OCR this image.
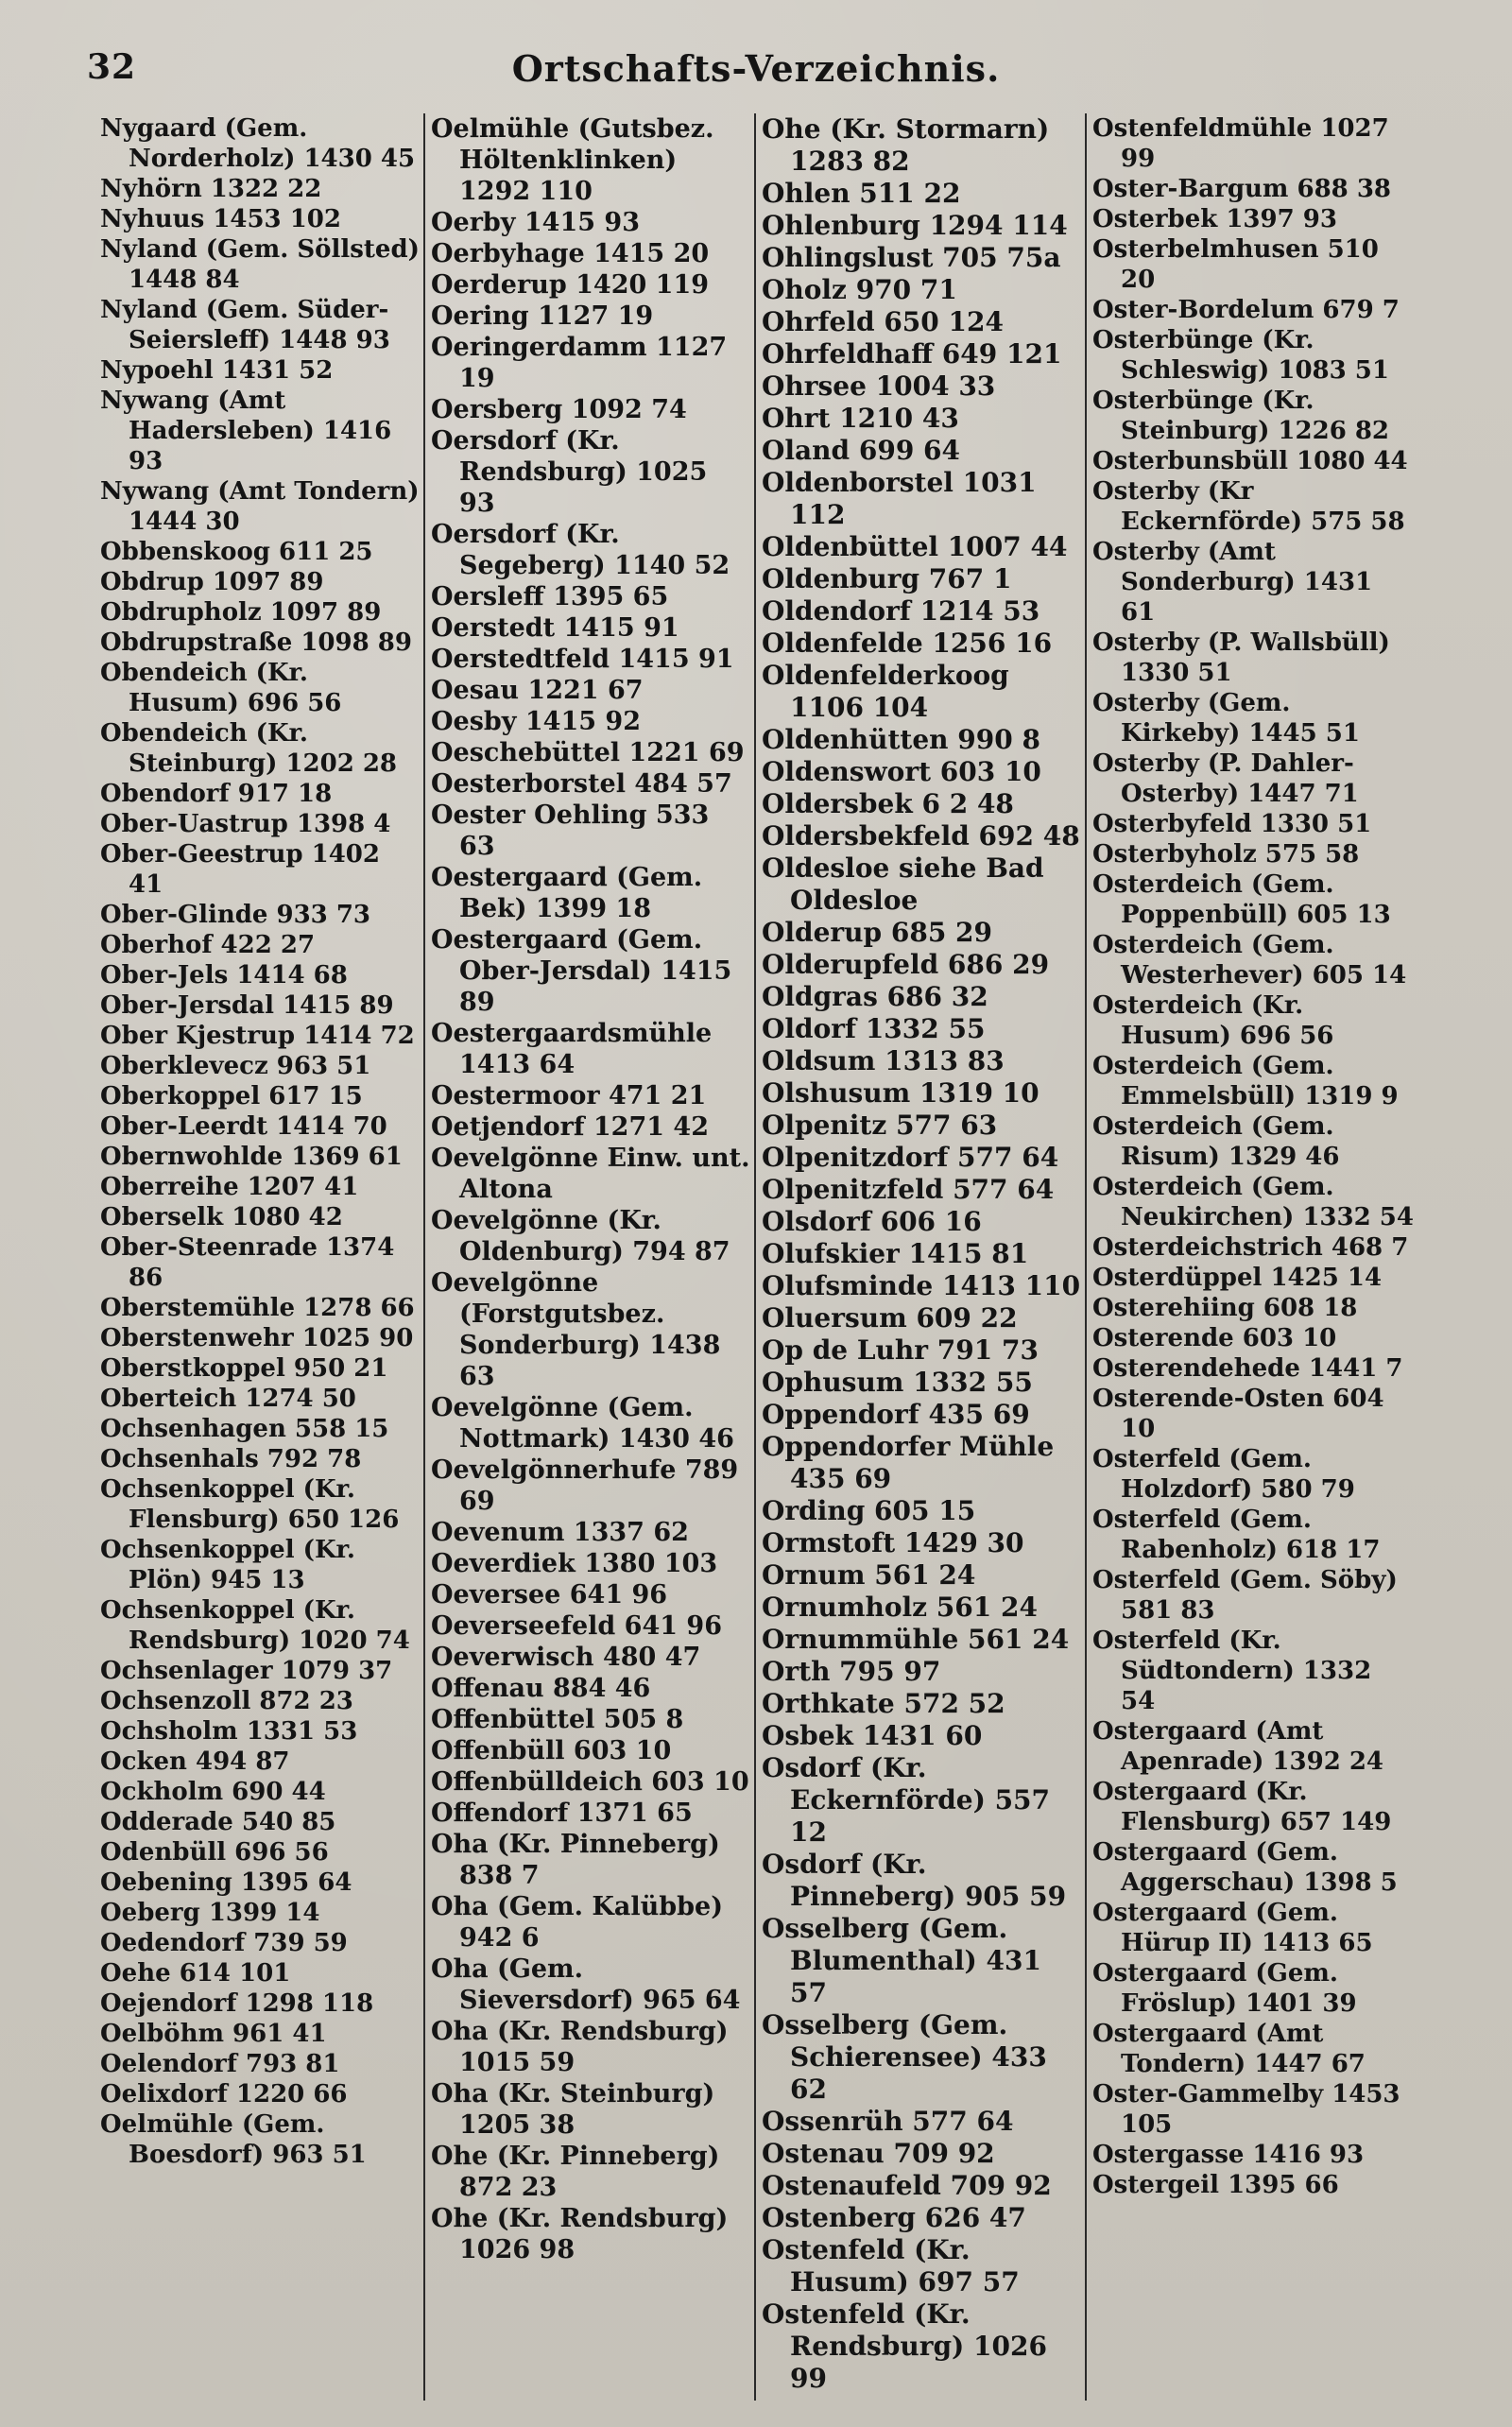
32	Ortschafts-Verzeichnis.
Nygaard (Gem. Norderholz) 1430 45
Nyhörn 1322 22
Nyhuus 1453 102
Nyland (Gem. Söllsted) 1448 84
Nyland (Gem. Süder-Seiersleff) 1448 93
Nypoehl 1431 52
Nywang (Amt Hadersleben) 1416 93
Nywang (Amt Tondern) 1444 30
Obbenskoog 611 25
Obdrup 1097 89
Obdrupholz 1097 89
Obdrupstraße 1098 89
Obendeich (Kr. Husum) 696 56
Obendeich (Kr. Steinburg) 1202 28
Obendorf 917 18
Ober-Uastrup 1398 4
Ober-Geestrup 1402 41
Ober-Glinde 933 73
Oberhof 422 27
Ober-Jels 1414 68
Ober-Jersdal 1415 89
Ober Kjestrup 1414 72
Oberklevecz 963 51
Oberkoppel 617 15
Ober-Leerdt 1414 70
Obernwohlde 1369 61
Oberreihe 1207 41
Oberselk 1080 42
Ober-Steenrade 1374 86
Oberstemühle 1278 66
Oberstenwehr 1025 90
Oberstkoppel 950 21
Oberteich 1274 50
Ochsenhagen 558 15
Ochsenhals 792 78
Ochsenkoppel (Kr. Flensburg) 650 126
Ochsenkoppel (Kr. Plön) 945 13
Ochsenkoppel (Kr. Rendsburg) 1020 74
Ochsenlager 1079 37
Ochsenzoll 872 23
Ochsholm 1331 53
Ocken 494 87
Ockholm 690 44
Odderade 540 85
Odenbüll 696 56
Oebening 1395 64
Oeberg 1399 14
Oedendorf 739 59
Oehe 614 101
Oejendorf 1298 118
Oelböhm 961 41
Oelendorf 793 81
Oelixdorf 1220 66
Oelmühle (Gem. Boesdorf) 963 51
Oelmühle (Gutsbez. Höltenklinken) 1292 110
Oerby 1415 93
Oerbyhage 1415 20
Oerderup 1420 119
Oering 1127 19
Oeringerdamm 1127 19
Oersberg 1092 74
Oersdorf (Kr. Rendsburg) 1025 93
Oersdorf (Kr. Segeberg) 1140 52
Oersleff 1395 65
Oerstedt 1415 91
Oerstedtfeld 1415 91
Oesau 1221 67
Oesby 1415 92
Oeschebüttel 1221 69
Oesterborstel 484 57
Oester Oehling 533 63
Oestergaard (Gem. Bek) 1399 18
Oestergaard (Gem. Ober-Jersdal) 1415 89
Oestergaardsmühle 1413 64
Oestermoor 471 21
Oetjendorf 1271 42
Oevelgönne Einw. unt. Altona
Oevelgönne (Kr. Oldenburg) 794 87
Oevelgönne (Forstgutsbez. Sonderburg) 1438 63
Oevelgönne (Gem. Nottmark) 1430 46
Oevelgönnerhufe 789 69
Oevenum 1337 62
Oeverdiek 1380 103
Oeversee 641 96
Oeverseefeld 641 96
Oeverwisch 480 47
Offenau 884 46
Offenbüttel 505 8
Offenbüll 603 10
Offenbülldeich 603 10
Offendorf 1371 65
Oha (Kr. Pinneberg) 838 7
Oha (Gem. Kalübbe) 942 6
Oha (Gem. Sieversdorf) 965 64
Oha (Kr. Rendsburg) 1015 59
Oha (Kr. Steinburg) 1205 38
Ohe (Kr. Pinneberg) 872 23
Ohe (Kr. Rendsburg) 1026 98
Ohe (Kr. Stormarn) 1283 82
Ohlen 511 22
Ohlenburg 1294 114
Ohlingslust 705 75a
Oholz 970 71
Ohrfeld 650 124
Ohrfeldhaff 649 121
Ohrsee 1004 33
Ohrt 1210 43
Oland 699 64
Oldenborstel 1031 112
Oldenbüttel 1007 44
Oldenburg 767 1
Oldendorf 1214 53
Oldenfelde 1256 16
Oldenfelderkoog 1106 104
Oldenhütten 990 8
Oldenswort 603 10
Oldersbek 6 2 48
Oldersbekfeld 692 48
Oldesloe siehe Bad Oldesloe
Olderup 685 29
Olderupfeld 686 29
Oldgras 686 32
Oldorf 1332 55
Oldsum 1313 83
Olshusum 1319 10
Olpenitz 577 63
Olpenitzdorf 577 64
Olpenitzfeld 577 64
Olsdorf 606 16
Olufskier 1415 81
Olufsminde 1413 110
Oluersum 609 22
Op de Luhr 791 73
Ophusum 1332 55
Oppendorf 435 69
Oppendorfer Mühle 435 69
Ording 605 15
Ormstoft 1429 30
Ornum 561 24
Ornumholz 561 24
Ornummühle 561 24
Orth 795 97
Orthkate 572 52
Osbek 1431 60
Osdorf (Kr. Eckernförde) 557 12
Osdorf (Kr. Pinneberg) 905 59
Osselberg (Gem. Blumenthal) 431 57
Osselberg (Gem. Schierensee) 433 62
Ossenrüh 577 64
Ostenau 709 92
Ostenaufeld 709 92
Ostenberg 626 47
Ostenfeld (Kr. Husum) 697 57
Ostenfeld (Kr. Rendsburg) 1026 99
Ostenfeldmühle 1027 99
Oster-Bargum 688 38
Osterbek 1397 93
Osterbelmhusen 510 20
Oster-Bordelum 679 7
Osterbünge (Kr. Schleswig) 1083 51
Osterbünge (Kr. Steinburg) 1226 82
Osterbunsbüll 1080 44
Osterby (Kr Eckernförde) 575 58
Osterby (Amt Sonderburg) 1431 61
Osterby (P. Wallsbüll) 1330 51
Osterby (Gem. Kirkeby) 1445 51
Osterby (P. Dahler-Osterby) 1447 71
Osterbyfeld 1330 51
Osterbyholz 575 58
Osterdeich (Gem. Poppenbüll) 605 13
Osterdeich (Gem. Westerhever) 605 14
Osterdeich (Kr. Husum) 696 56
Osterdeich (Gem. Emmelsbüll) 1319 9
Osterdeich (Gem. Risum) 1329 46
Osterdeich (Gem. Neukirchen) 1332 54
Osterdeichstrich 468 7
Osterdüppel 1425 14
Osterehiing 608 18
Osterende 603 10
Osterendehede 1441 7
Osterende-Osten 604 10
Osterfeld (Gem. Holzdorf) 580 79
Osterfeld (Gem. Rabenholz) 618 17
Osterfeld (Gem. Söby) 581 83
Osterfeld (Kr. Südtondern) 1332 54
Ostergaard (Amt Apenrade) 1392 24
Ostergaard (Kr. Flensburg) 657 149
Ostergaard (Gem. Aggerschau) 1398 5
Ostergaard (Gem. Hürup II) 1413 65
Ostergaard (Gem. Fröslup) 1401 39
Ostergaard (Amt Tondern) 1447 67
Oster-Gammelby 1453 105
Ostergasse 1416 93
Ostergeil 1395 66
